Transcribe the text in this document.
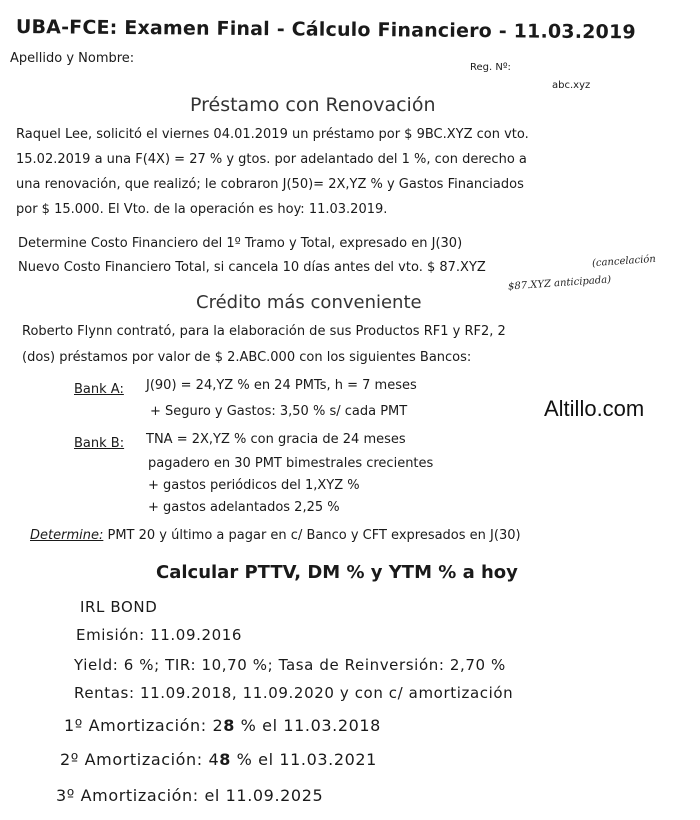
UBA-FCE: Examen Final - Cálculo Financiero - 11.03.2019
Apellido y Nombre:
Reg. Nº:
abc.xyz
Préstamo con Renovación
Raquel Lee, solicitó el viernes 04.01.2019 un préstamo por $ 9BC.XYZ con vto.
15.02.2019 a una F(4X) = 27 % y gtos. por adelantado del 1 %, con derecho a
una renovación, que realizó; le cobraron J(50)= 2X,YZ % y Gastos Financiados
por $ 15.000. El Vto. de la operación es hoy: 11.03.2019.
Determine Costo Financiero del 1º Tramo y Total, expresado en J(30)
Nuevo Costo Financiero Total, si cancela 10 días antes del vto. $ 87.XYZ	(cancelación
$87.XYZ anticipada)
Crédito más conveniente
Roberto Flynn contrató, para la elaboración de sus Productos RF1 y RF2, 2
(dos) préstamos por valor de $ 2.ABC.000 con los siguientes Bancos:
Bank A: J(90) = 24,YZ % en 24 PMTs, h = 7 meses
+ Seguro y Gastos: 3,50 % s/ cada PMT
Bank B: TNA = 2X,YZ % con gracia de 24 meses
pagadero en 30 PMT bimestrales crecientes
+ gastos periódicos del 1,XYZ %
+ gastos adelantados 2,25 %
Determine: PMT 20 y último a pagar en c/ Banco y CFT expresados en J(30)
Altillo.com
Calcular PTTV, DM % y YTM % a hoy
IRL BOND
Emisión: 11.09.2016
Yield: 6 %; TIR: 10,70 %; Tasa de Reinversión: 2,70 %
Rentas: 11.09.2018, 11.09.2020 y con c/ amortización
1º Amortización: 28 % el 11.03.2018
2º Amortización: 48 % el 11.03.2021
3º Amortización: el 11.09.2025
